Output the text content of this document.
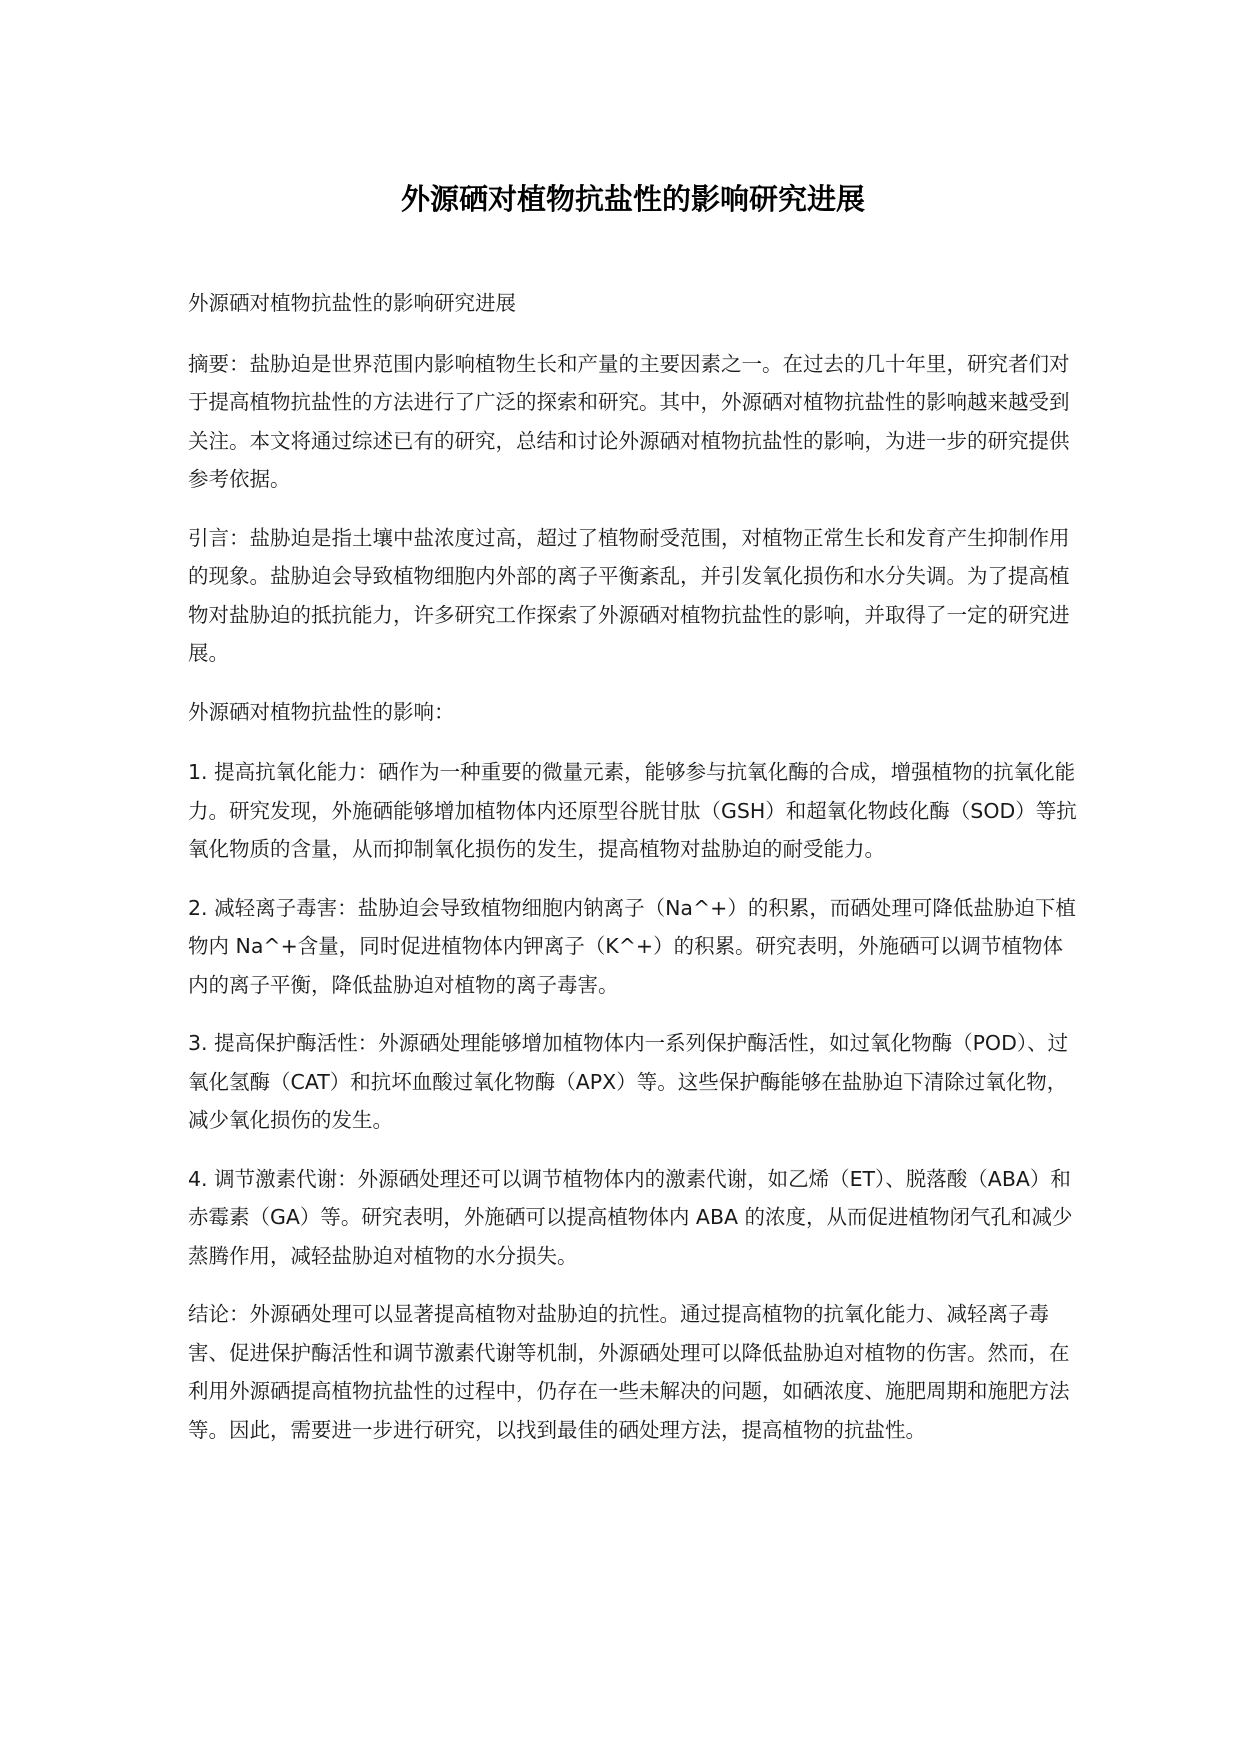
外源硒对植物抗盐性的影响研究进展

外源硒对植物抗盐性的影响研究进展

摘要：盐胁迫是世界范围内影响植物生长和产量的主要因素之一。在过去的几十年里，研究者们对于提高植物抗盐性的方法进行了广泛的探索和研究。其中，外源硒对植物抗盐性的影响越来越受到关注。本文将通过综述已有的研究，总结和讨论外源硒对植物抗盐性的影响，为进一步的研究提供参考依据。

引言：盐胁迫是指土壤中盐浓度过高，超过了植物耐受范围，对植物正常生长和发育产生抑制作用的现象。盐胁迫会导致植物细胞内外部的离子平衡紊乱，并引发氧化损伤和水分失调。为了提高植物对盐胁迫的抵抗能力，许多研究工作探索了外源硒对植物抗盐性的影响，并取得了一定的研究进展。

外源硒对植物抗盐性的影响：

1. 提高抗氧化能力：硒作为一种重要的微量元素，能够参与抗氧化酶的合成，增强植物的抗氧化能力。研究发现，外施硒能够增加植物体内还原型谷胱甘肽（GSH）和超氧化物歧化酶（SOD）等抗氧化物质的含量，从而抑制氧化损伤的发生，提高植物对盐胁迫的耐受能力。

2. 减轻离子毒害：盐胁迫会导致植物细胞内钠离子（Na^+）的积累，而硒处理可降低盐胁迫下植物内 Na^+含量，同时促进植物体内钾离子（K^+）的积累。研究表明，外施硒可以调节植物体内的离子平衡，降低盐胁迫对植物的离子毒害。

3. 提高保护酶活性：外源硒处理能够增加植物体内一系列保护酶活性，如过氧化物酶（POD）、过氧化氢酶（CAT）和抗坏血酸过氧化物酶（APX）等。这些保护酶能够在盐胁迫下清除过氧化物，减少氧化损伤的发生。

4. 调节激素代谢：外源硒处理还可以调节植物体内的激素代谢，如乙烯（ET）、脱落酸（ABA）和赤霉素（GA）等。研究表明，外施硒可以提高植物体内 ABA 的浓度，从而促进植物闭气孔和减少蒸腾作用，减轻盐胁迫对植物的水分损失。

结论：外源硒处理可以显著提高植物对盐胁迫的抗性。通过提高植物的抗氧化能力、减轻离子毒害、促进保护酶活性和调节激素代谢等机制，外源硒处理可以降低盐胁迫对植物的伤害。然而，在利用外源硒提高植物抗盐性的过程中，仍存在一些未解决的问题，如硒浓度、施肥周期和施肥方法等。因此，需要进一步进行研究，以找到最佳的硒处理方法，提高植物的抗盐性。
